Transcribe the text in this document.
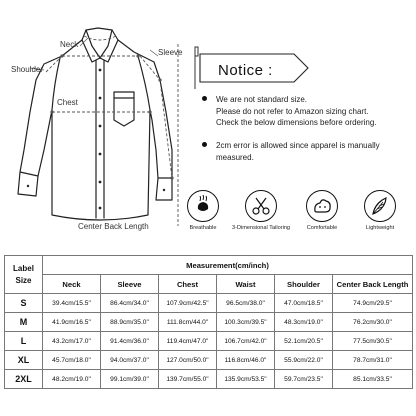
Neck
Sleeve
Shoulder
Chest
Center Back Length
Notice :
We are not standard size.
Please do not refer to Amazon sizing chart.
Check the below dimensions before ordering.
2cm error is allowed since apparel is manually
measured.
Breathable	3-Dimensional Tailoring	Comfortable	Lightweight
Label
Size	Measurement(cm/inch)					
	Neck	Sleeve	Chest	Waist	Shoulder	Center Back Length
S	39.4cm/15.5"	86.4cm/34.0"	107.9cm/42.5"	96.5cm/38.0"	47.0cm/18.5"	74.9cm/29.5"
M	41.9cm/16.5"	88.9cm/35.0"	111.8cm/44.0"	100.3cm/39.5"	48.3cm/19.0"	76.2cm/30.0"
L	43.2cm/17.0"	91.4cm/36.0"	119.4cm/47.0"	106.7cm/42.0"	52.1cm/20.5"	77.5cm/30.5"
XL	45.7cm/18.0"	94.0cm/37.0"	127.0cm/50.0"	116.8cm/46.0"	55.9cm/22.0"	78.7cm/31.0"
2XL	48.2cm/19.0"	99.1cm/39.0"	139.7cm/55.0"	135.9cm/53.5"	59.7cm/23.5"	85.1cm/33.5"
